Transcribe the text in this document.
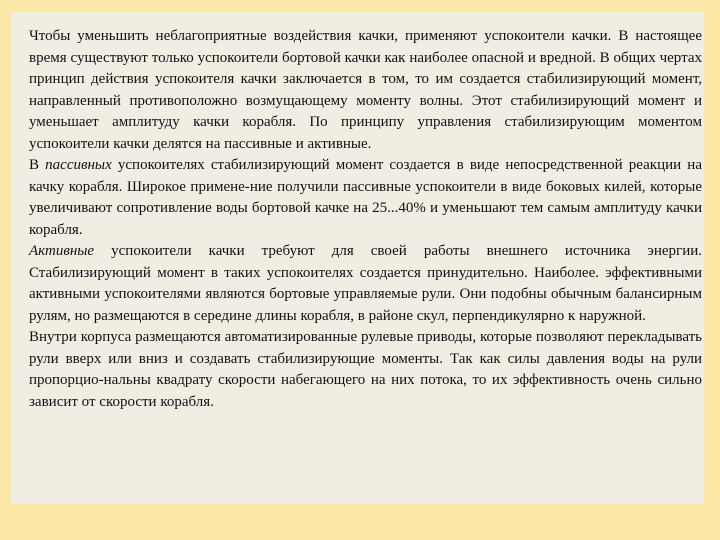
Чтобы уменьшить неблагоприятные воздействия качки, применяют успокоители качки. В настоящее время существуют только успокоители бортовой качки как наиболее опасной и вредной. В общих чертах принцип действия успокоителя качки заключается в том, то им создается стабилизирующий момент, направленный противоположно возмущающему моменту волны. Этот стабилизирующий момент и уменьшает амплитуду качки корабля. По принципу управления стабилизирующим моментом успокоители качки делятся на пассивные и активные.

В пассивных успокоителях стабилизирующий момент создается в виде непосредственной реакции на качку корабля. Широкое примене-ние получили пассивные успокоители в виде боковых килей, которые увеличивают сопротивление воды бортовой качке на 25...40% и уменьшают тем самым амплитуду качки корабля.

Активные успокоители качки требуют для своей работы внешнего источника энергии. Стабилизирующий момент в таких успокоителях создается принудительно. Наиболее. эффективными активными успокоителями являются бортовые управляемые рули. Они подобны обычным балансирным рулям, но размещаются в середине длины корабля, в районе скул, перпендикулярно к наружной.

Внутри корпуса размещаются автоматизированные рулевые приводы, которые позволяют перекладывать рули вверх или вниз и создавать стабилизирующие моменты. Так как силы давления воды на рули пропорцио-нальны квадрату скорости набегающего на них потока, то их эффективность очень сильно зависит от скорости корабля.
